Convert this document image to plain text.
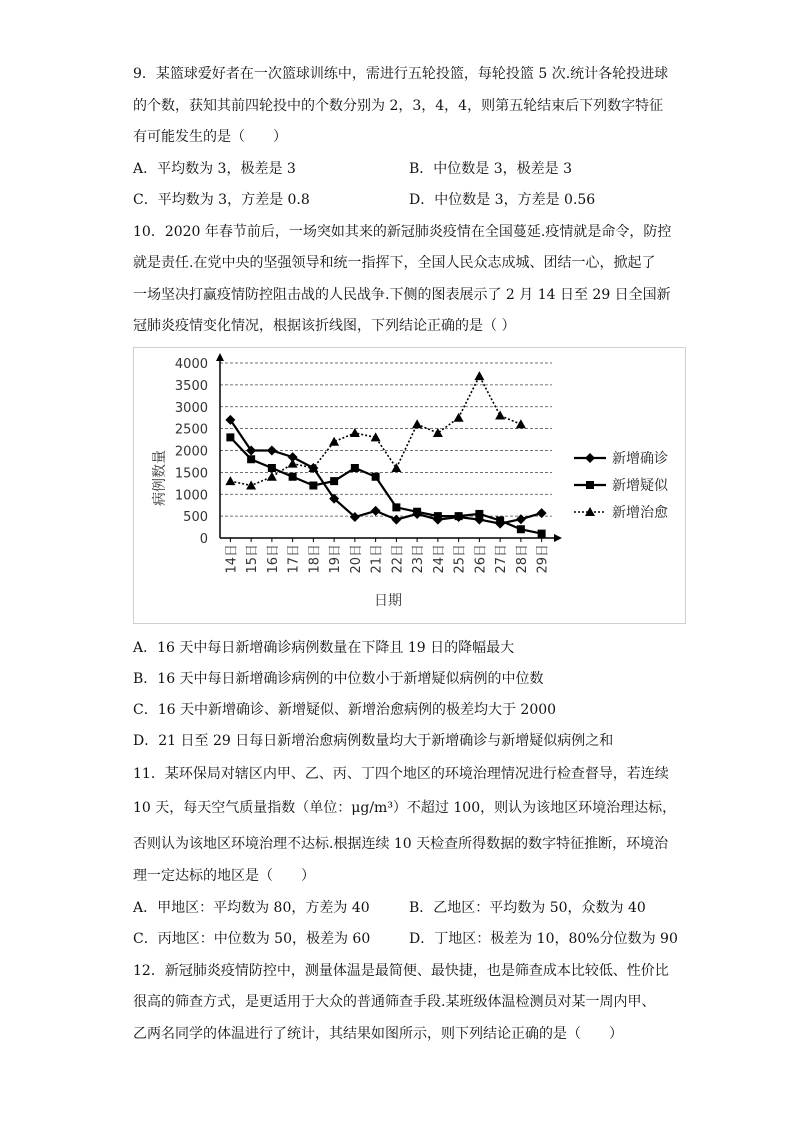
9．某篮球爱好者在一次篮球训练中，需进行五轮投篮，每轮投篮 5 次.统计各轮投进球
的个数，获知其前四轮投中的个数分别为 2，3，4，4，则第五轮结束后下列数字特征
有可能发生的是（　　）
A．平均数为 3，极差是 3	B．中位数是 3，极差是 3
C．平均数为 3，方差是 0.8	D．中位数是 3，方差是 0.56
10．2020 年春节前后，一场突如其来的新冠肺炎疫情在全国蔓延.疫情就是命令，防控
就是责任.在党中央的坚强领导和统一指挥下，全国人民众志成城、团结一心，掀起了
一场坚决打赢疫情防控阻击战的人民战争.下侧的图表展示了 2 月 14 日至 29 日全国新
冠肺炎疫情变化情况，根据该折线图，下列结论正确的是（ ）
0
500
1000
1500
2000
2500
3000
3500
4000
14日 15日 16日 17日 18日 19日 20日 21日 22日 23日 24日 25日 26日 27日 28日 29日
新增确诊
新增疑似
新增治愈
病例数量
日期
A．16 天中每日新增确诊病例数量在下降且 19 日的降幅最大
B．16 天中每日新增确诊病例的中位数小于新增疑似病例的中位数
C．16 天中新增确诊、新增疑似、新增治愈病例的极差均大于 2000
D．21 日至 29 日每日新增治愈病例数量均大于新增确诊与新增疑似病例之和
11．某环保局对辖区内甲、乙、丙、丁四个地区的环境治理情况进行检查督导，若连续
10 天，每天空气质量指数（单位：μg/m³）不超过 100，则认为该地区环境治理达标，
否则认为该地区环境治理不达标.根据连续 10 天检查所得数据的数字特征推断，环境治
理一定达标的地区是（　　）
A．甲地区：平均数为 80，方差为 40	B．乙地区：平均数为 50，众数为 40
C．丙地区：中位数为 50，极差为 60	D．丁地区：极差为 10，80%分位数为 90
12．新冠肺炎疫情防控中，测量体温是最简便、最快捷，也是筛查成本比较低、性价比
很高的筛查方式，是更适用于大众的普通筛查手段.某班级体温检测员对某一周内甲、
乙两名同学的体温进行了统计，其结果如图所示，则下列结论正确的是（　　）
